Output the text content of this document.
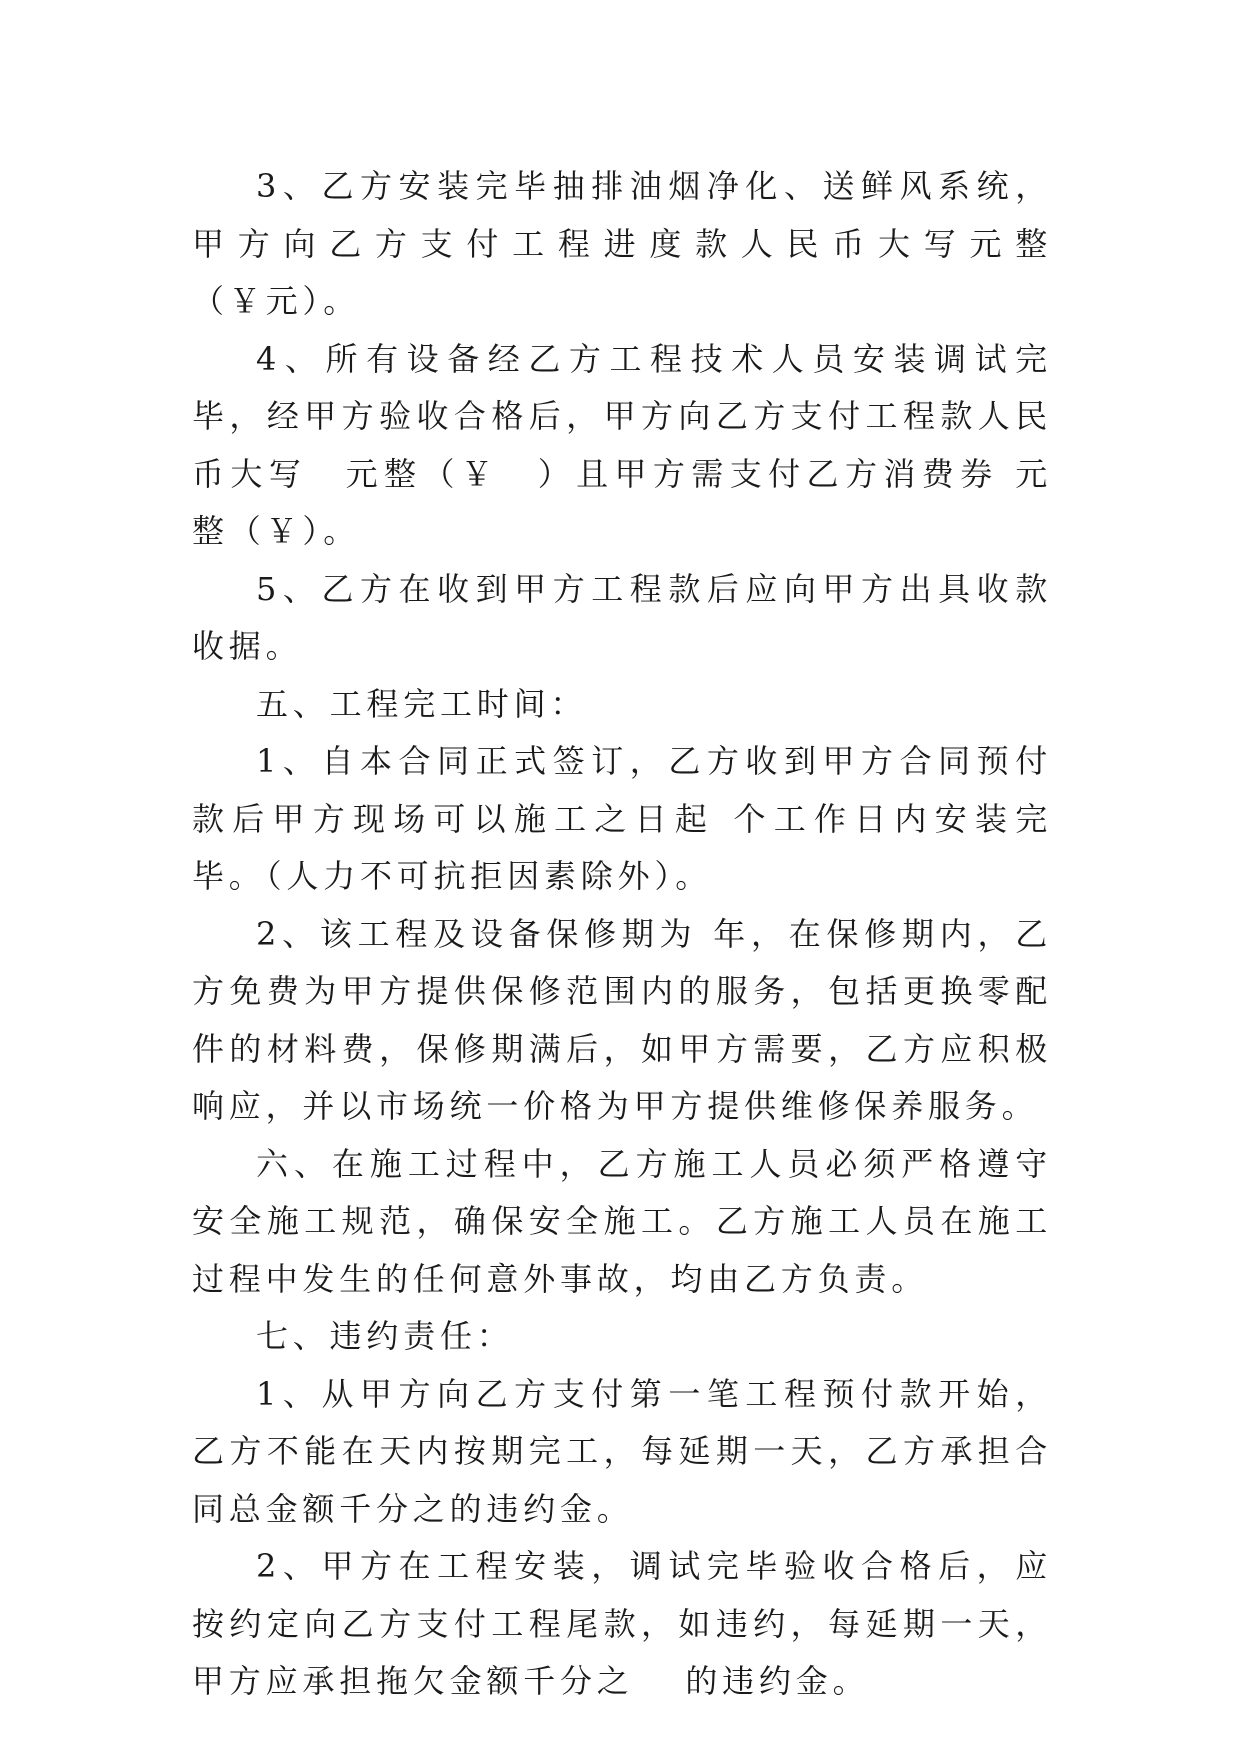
3、乙方安装完毕抽排油烟净化、送鲜风系统，甲方向乙方支付工程进度款人民币大写元整（￥元）。

4、所有设备经乙方工程技术人员安装调试完毕，经甲方验收合格后，甲方向乙方支付工程款人民币大写　元整（￥　）且甲方需支付乙方消费券 元整（￥）。

5、乙方在收到甲方工程款后应向甲方出具收款收据。

五、工程完工时间：

1、自本合同正式签订，乙方收到甲方合同预付款后甲方现场可以施工之日起 个工作日内安装完毕。（人力不可抗拒因素除外）。

2、该工程及设备保修期为 年，在保修期内，乙方免费为甲方提供保修范围内的服务，包括更换零配件的材料费，保修期满后，如甲方需要，乙方应积极响应，并以市场统一价格为甲方提供维修保养服务。

六、在施工过程中，乙方施工人员必须严格遵守安全施工规范，确保安全施工。乙方施工人员在施工过程中发生的任何意外事故，均由乙方负责。

七、违约责任：

1、从甲方向乙方支付第一笔工程预付款开始，乙方不能在天内按期完工，每延期一天，乙方承担合同总金额千分之的违约金。

2、甲方在工程安装，调试完毕验收合格后，应按约定向乙方支付工程尾款，如违约，每延期一天，甲方应承担拖欠金额千分之　 的违约金。
